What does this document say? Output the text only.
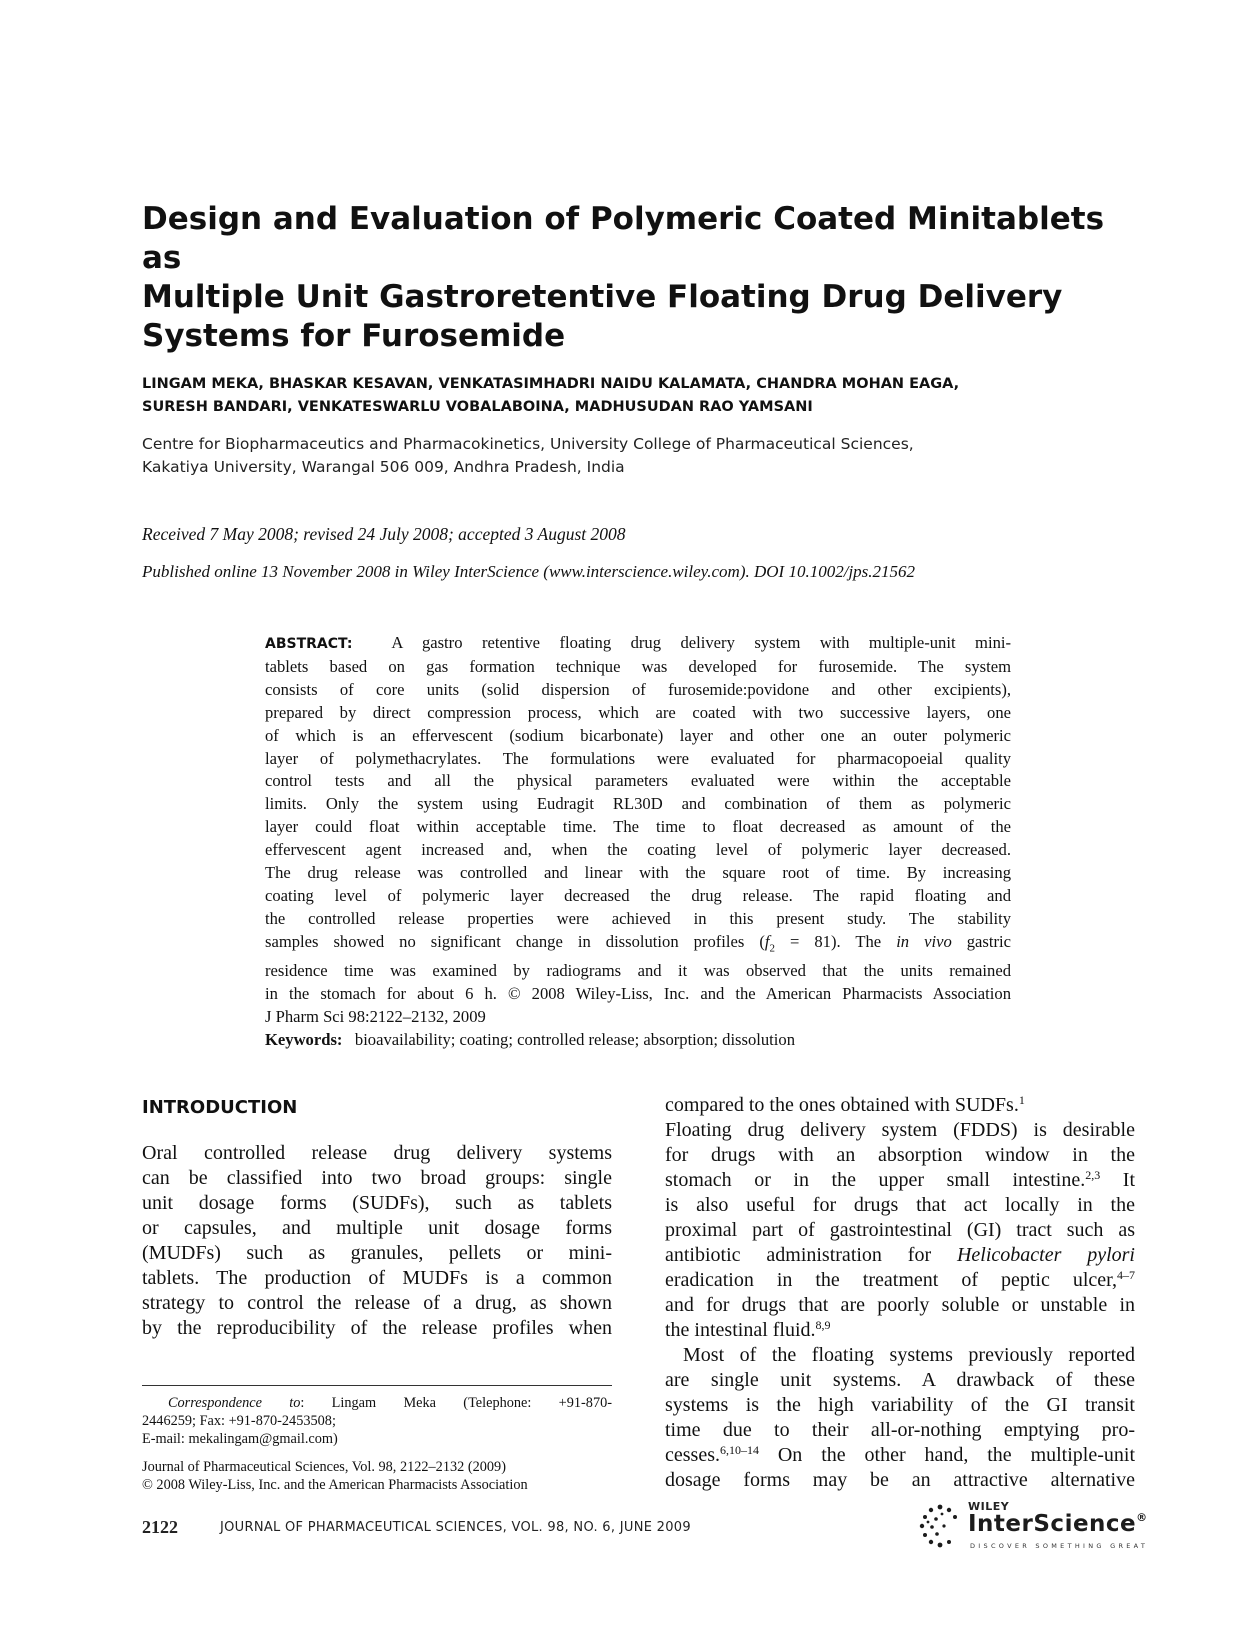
Design and Evaluation of Polymeric Coated Minitablets as
Multiple Unit Gastroretentive Floating Drug Delivery
Systems for Furosemide
LINGAM MEKA, BHASKAR KESAVAN, VENKATASIMHADRI NAIDU KALAMATA, CHANDRA MOHAN EAGA,
SURESH BANDARI, VENKATESWARLU VOBALABOINA, MADHUSUDAN RAO YAMSANI
Centre for Biopharmaceutics and Pharmacokinetics, University College of Pharmaceutical Sciences,
Kakatiya University, Warangal 506 009, Andhra Pradesh, India
Received 7 May 2008; revised 24 July 2008; accepted 3 August 2008
Published online 13 November 2008 in Wiley InterScience (www.interscience.wiley.com). DOI 10.1002/jps.21562
ABSTRACT: A gastro retentive floating drug delivery system with multiple-unit mini-
tablets based on gas formation technique was developed for furosemide. The system
consists of core units (solid dispersion of furosemide:povidone and other excipients),
prepared by direct compression process, which are coated with two successive layers, one
of which is an effervescent (sodium bicarbonate) layer and other one an outer polymeric
layer of polymethacrylates. The formulations were evaluated for pharmacopoeial quality
control tests and all the physical parameters evaluated were within the acceptable
limits. Only the system using Eudragit RL30D and combination of them as polymeric
layer could float within acceptable time. The time to float decreased as amount of the
effervescent agent increased and, when the coating level of polymeric layer decreased.
The drug release was controlled and linear with the square root of time. By increasing
coating level of polymeric layer decreased the drug release. The rapid floating and
the controlled release properties were achieved in this present study. The stability
samples showed no significant change in dissolution profiles $(f_2 = 81)$. The in vivo gastric
residence time was examined by radiograms and it was observed that the units remained
in the stomach for about 6 h. © 2008 Wiley-Liss, Inc. and the American Pharmacists Association
J Pharm Sci 98:2122–2132, 2009
Keywords: bioavailability; coating; controlled release; absorption; dissolution
INTRODUCTION
Oral controlled release drug delivery systems
can be classified into two broad groups: single
unit dosage forms (SUDFs), such as tablets
or capsules, and multiple unit dosage forms
(MUDFs) such as granules, pellets or mini-
tablets. The production of MUDFs is a common
strategy to control the release of a drug, as shown
by the reproducibility of the release profiles when
compared to the ones obtained with SUDFs.$^1$
Floating drug delivery system (FDDS) is desirable
for drugs with an absorption window in the
stomach or in the upper small intestine.$^{2,3}$ It
is also useful for drugs that act locally in the
proximal part of gastrointestinal (GI) tract such as
antibiotic administration for Helicobacter pylori
eradication in the treatment of peptic ulcer,$^{4-7}$
and for drugs that are poorly soluble or unstable in
the intestinal fluid.$^{8,9}$
Most of the floating systems previously reported
are single unit systems. A drawback of these
systems is the high variability of the GI transit
time due to their all-or-nothing emptying pro-
cesses.$^{6,10-14}$ On the other hand, the multiple-unit
dosage forms may be an attractive alternative
Correspondence to: Lingam Meka (Telephone: +91-870-
2446259; Fax: +91-870-2453508;
E-mail: mekalingam@gmail.com)
Journal of Pharmaceutical Sciences, Vol. 98, 2122–2132 (2009)
© 2008 Wiley-Liss, Inc. and the American Pharmacists Association
2122	JOURNAL OF PHARMACEUTICAL SCIENCES, VOL. 98, NO. 6, JUNE 2009
WILEY
InterScience®
DISCOVER SOMETHING GREAT
